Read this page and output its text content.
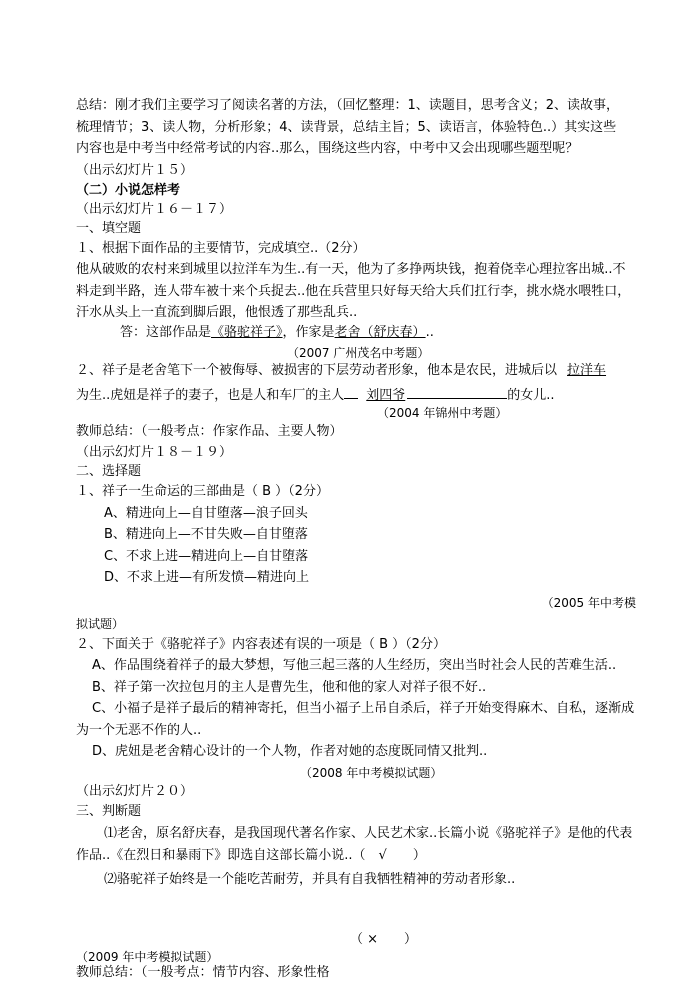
总结：刚才我们主要学习了阅读名著的方法，（回忆整理：1、读题目，思考含义；2、读故事，
梳理情节；3、读人物，分析形象；4、读背景，总结主旨；5、读语言，体验特色..）其实这些
内容也是中考当中经常考试的内容..那么，围绕这些内容，中考中又会出现哪些题型呢？
（出示幻灯片１５）
（二）小说怎样考
（出示幻灯片１６－１７）
一、填空题
１、根据下面作品的主要情节，完成填空..（2分）
他从破败的农村来到城里以拉洋车为生..有一天，他为了多挣两块钱，抱着侥幸心理拉客出城..不
料走到半路，连人带车被十来个兵捉去..他在兵营里只好每天给大兵们扛行李，挑水烧水喂牲口，
汗水从头上一直流到脚后跟，他恨透了那些乱兵..
答：这部作品是《骆驼祥子》，作家是老舍（舒庆春）..
（2007 广州茂名中考题）
２、祥子是老舍笔下一个被侮辱、被损害的下层劳动者形象，他本是农民，进城后以 拉洋车
为生..虎妞是祥子的妻子，也是人和车厂的主人 刘四爷	的女儿..
（2004 年锦州中考题）
教师总结：（一般考点：作家作品、主要人物）
（出示幻灯片１８－１９）
二、选择题
１、祥子一生命运的三部曲是（ B ）（2分）
A、精进向上—自甘堕落—浪子回头
B、精进向上—不甘失败—自甘堕落
C、不求上进—精进向上—自甘堕落
D、不求上进—有所发愤—精进向上
（2005 年中考模
拟试题）
２、下面关于《骆驼祥子》内容表述有误的一项是（ B ）（2分）
A、作品围绕着祥子的最大梦想，写他三起三落的人生经历，突出当时社会人民的苦难生活..
B、祥子第一次拉包月的主人是曹先生，他和他的家人对祥子很不好..
C、小福子是祥子最后的精神寄托，但当小福子上吊自杀后，祥子开始变得麻木、自私，逐渐成
为一个无恶不作的人..
D、虎妞是老舍精心设计的一个人物，作者对她的态度既同情又批判..
（2008 年中考模拟试题）
（出示幻灯片２０）
三、判断题
⑴老舍，原名舒庆春，是我国现代著名作家、人民艺术家..长篇小说《骆驼祥子》是他的代表
作品..《在烈日和暴雨下》即选自这部长篇小说..（　√　　）
⑵骆驼祥子始终是一个能吃苦耐劳，并具有自我牺牲精神的劳动者形象..
（ ×　　）
（2009 年中考模拟试题）
教师总结：（一般考点：情节内容、形象性格
